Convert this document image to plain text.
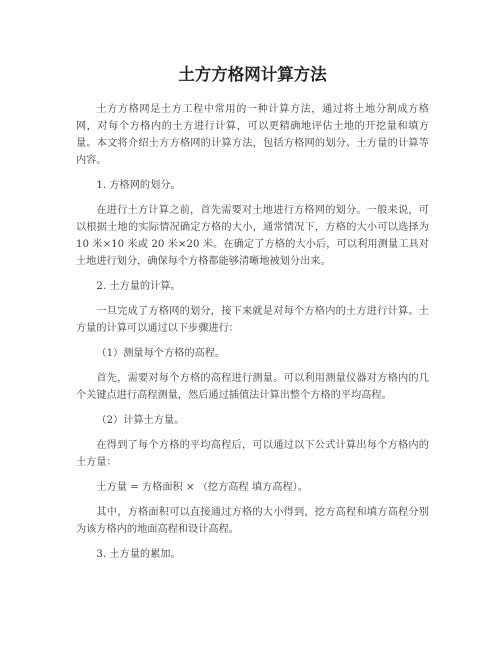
土方方格网计算方法

土方方格网是土方工程中常用的一种计算方法，通过将土地分割成方格网，对每个方格内的土方进行计算，可以更精确地评估土地的开挖量和填方量。本文将介绍土方方格网的计算方法，包括方格网的划分、土方量的计算等内容。

1. 方格网的划分。

在进行土方计算之前，首先需要对土地进行方格网的划分。一般来说，可以根据土地的实际情况确定方格的大小，通常情况下，方格的大小可以选择为 10 米×10 米或 20 米×20 米。在确定了方格的大小后，可以利用测量工具对土地进行划分，确保每个方格都能够清晰地被划分出来。

2. 土方量的计算。

一旦完成了方格网的划分，接下来就是对每个方格内的土方进行计算。土方量的计算可以通过以下步骤进行：

（1）测量每个方格的高程。

首先，需要对每个方格的高程进行测量。可以利用测量仪器对方格内的几个关键点进行高程测量，然后通过插值法计算出整个方格的平均高程。

（2）计算土方量。

在得到了每个方格的平均高程后，可以通过以下公式计算出每个方格内的土方量：

土方量 = 方格面积 × （挖方高程 填方高程）。

其中，方格面积可以直接通过方格的大小得到，挖方高程和填方高程分别为该方格内的地面高程和设计高程。

3. 土方量的累加。
